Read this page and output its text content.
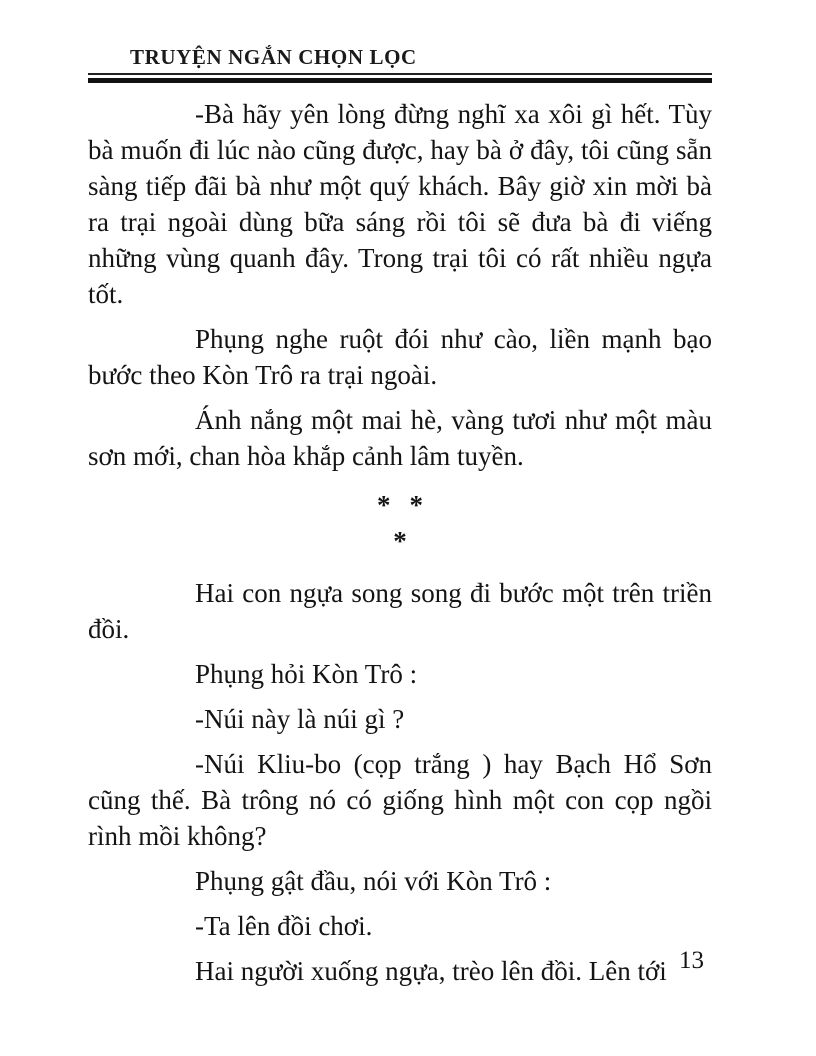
TRUYỆN NGẮN CHỌN LỌC

-Bà hãy yên lòng đừng nghĩ xa xôi gì hết. Tùy bà muốn đi lúc nào cũng được, hay bà ở đây, tôi cũng sẵn sàng tiếp đãi bà như một quý khách. Bây giờ xin mời bà ra trại ngoài dùng bữa sáng rồi tôi sẽ đưa bà đi viếng những vùng quanh đây. Trong trại tôi có rất nhiều ngựa tốt.

Phụng nghe ruột đói như cào, liền mạnh bạo bước theo Kòn Trô ra trại ngoài.

Ánh nắng một mai hè, vàng tươi như một màu sơn mới, chan hòa khắp cảnh lâm tuyền.

* *
*

Hai con ngựa song song đi bước một trên triền đồi.

Phụng hỏi Kòn Trô :

-Núi này là núi gì ?

-Núi Kliu-bo (cọp trắng ) hay Bạch Hổ Sơn cũng thế. Bà trông nó có giống hình một con cọp ngồi rình mồi không?

Phụng gật đầu, nói với Kòn Trô :

-Ta lên đồi chơi.

Hai người xuống ngựa, trèo lên đồi. Lên tới 13
